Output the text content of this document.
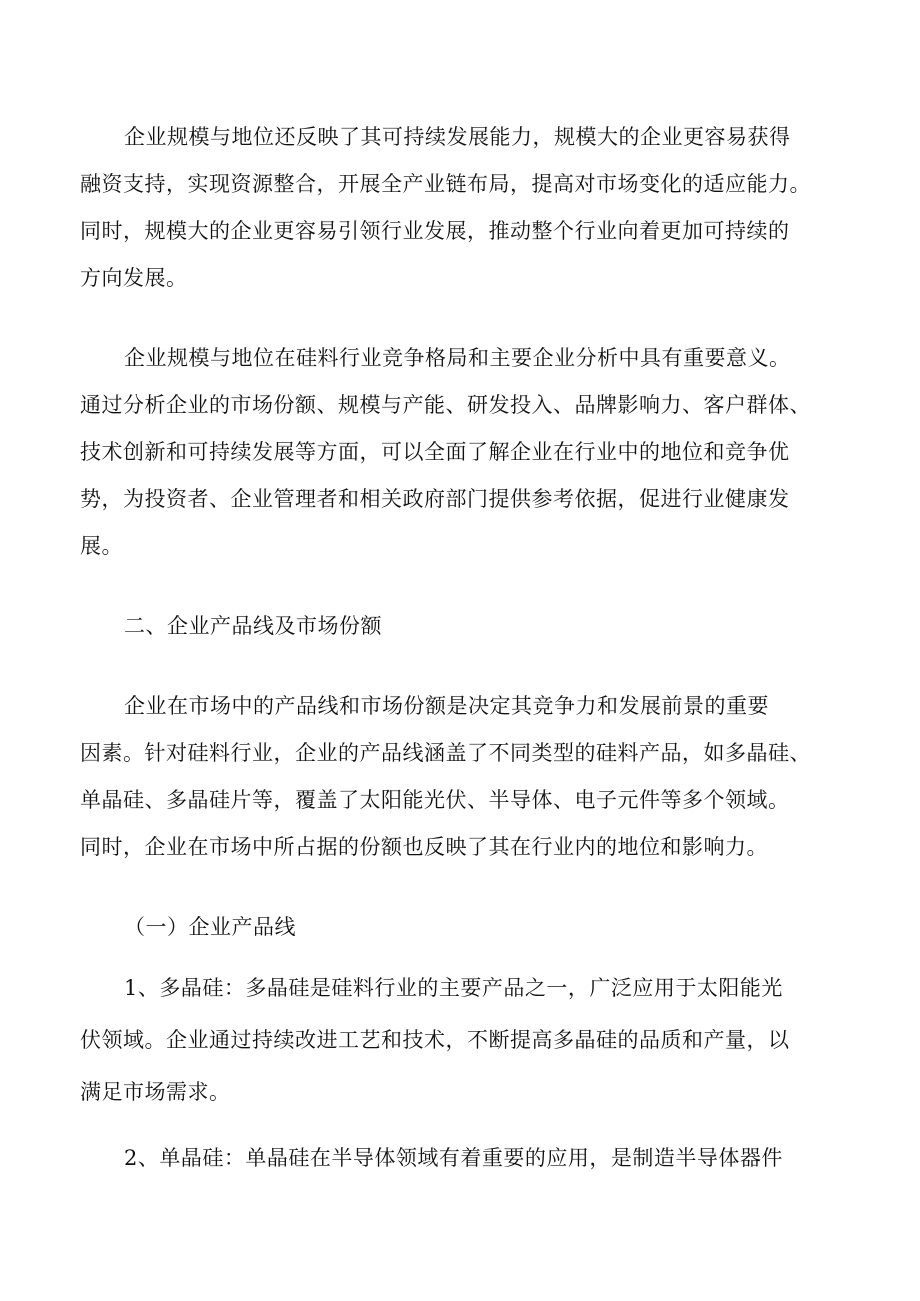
企业规模与地位还反映了其可持续发展能力，规模大的企业更容易获得
融资支持，实现资源整合，开展全产业链布局，提高对市场变化的适应能力。
同时，规模大的企业更容易引领行业发展，推动整个行业向着更加可持续的
方向发展。
企业规模与地位在硅料行业竞争格局和主要企业分析中具有重要意义。
通过分析企业的市场份额、规模与产能、研发投入、品牌影响力、客户群体、
技术创新和可持续发展等方面，可以全面了解企业在行业中的地位和竞争优
势，为投资者、企业管理者和相关政府部门提供参考依据，促进行业健康发
展。
二、企业产品线及市场份额
企业在市场中的产品线和市场份额是决定其竞争力和发展前景的重要
因素。针对硅料行业，企业的产品线涵盖了不同类型的硅料产品，如多晶硅、
单晶硅、多晶硅片等，覆盖了太阳能光伏、半导体、电子元件等多个领域。
同时，企业在市场中所占据的份额也反映了其在行业内的地位和影响力。
（一）企业产品线
1、多晶硅：多晶硅是硅料行业的主要产品之一，广泛应用于太阳能光
伏领域。企业通过持续改进工艺和技术，不断提高多晶硅的品质和产量，以
满足市场需求。
2、单晶硅：单晶硅在半导体领域有着重要的应用，是制造半导体器件
